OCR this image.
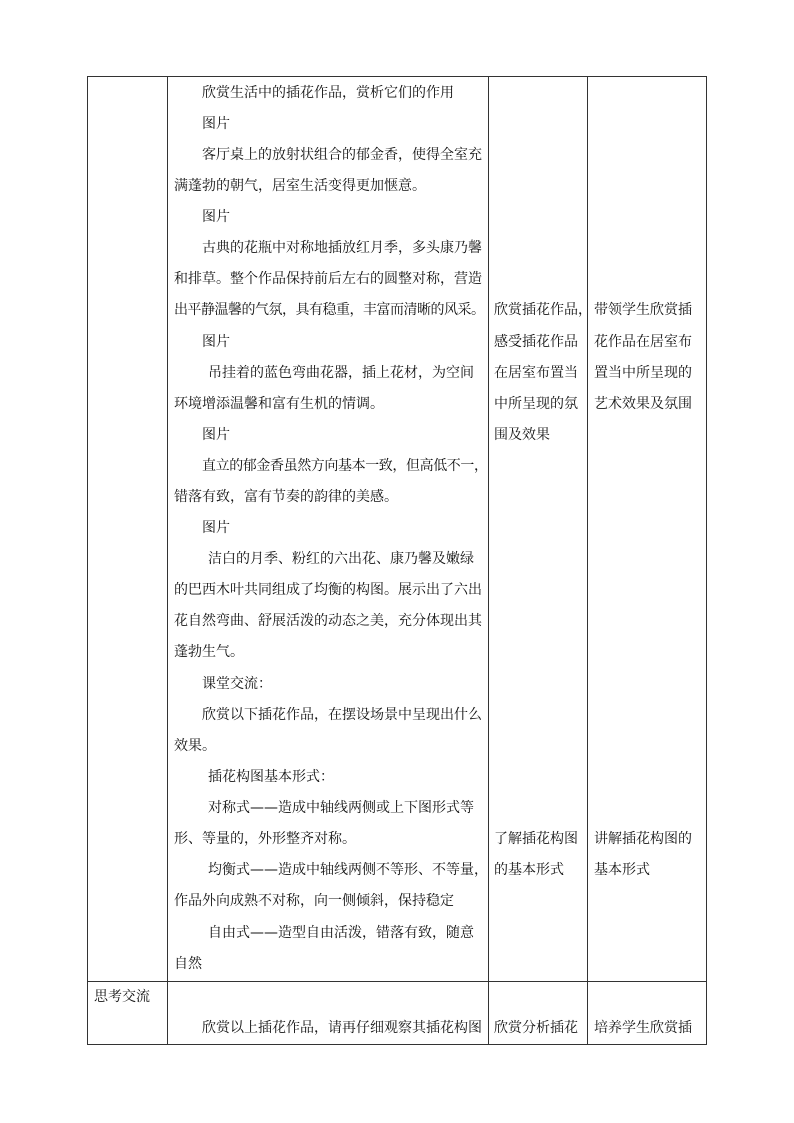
欣赏生活中的插花作品，赏析它们的作用
图片
客厅桌上的放射状组合的郁金香，使得全室充
满蓬勃的朝气，居室生活变得更加惬意。
图片
古典的花瓶中对称地插放红月季，多头康乃馨
和排草。整个作品保持前后左右的圆整对称，营造
出平静温馨的气氛，具有稳重，丰富而清晰的风采。
图片
吊挂着的蓝色弯曲花器，插上花材，为空间
环境增添温馨和富有生机的情调。
图片
直立的郁金香虽然方向基本一致，但高低不一，
错落有致，富有节奏的韵律的美感。
图片
洁白的月季、粉红的六出花、康乃馨及嫩绿
的巴西木叶共同组成了均衡的构图。展示出了六出
花自然弯曲、舒展活泼的动态之美，充分体现出其
蓬勃生气。
课堂交流：
欣赏以下插花作品，在摆设场景中呈现出什么
效果。
插花构图基本形式：
对称式——造成中轴线两侧或上下图形式等
形、等量的，外形整齐对称。
均衡式——造成中轴线两侧不等形、不等量，
作品外向成熟不对称，向一侧倾斜，保持稳定
自由式——造型自由活泼，错落有致，随意
自然
欣赏插花作品，
感受插花作品
在居室布置当
中所呈现的氛
围及效果
了解插花构图
的基本形式
带领学生欣赏插
花作品在居室布
置当中所呈现的
艺术效果及氛围
讲解插花构图的
基本形式
思考交流
欣赏以上插花作品，请再仔细观察其插花构图 欣赏分析插花 培养学生欣赏插
